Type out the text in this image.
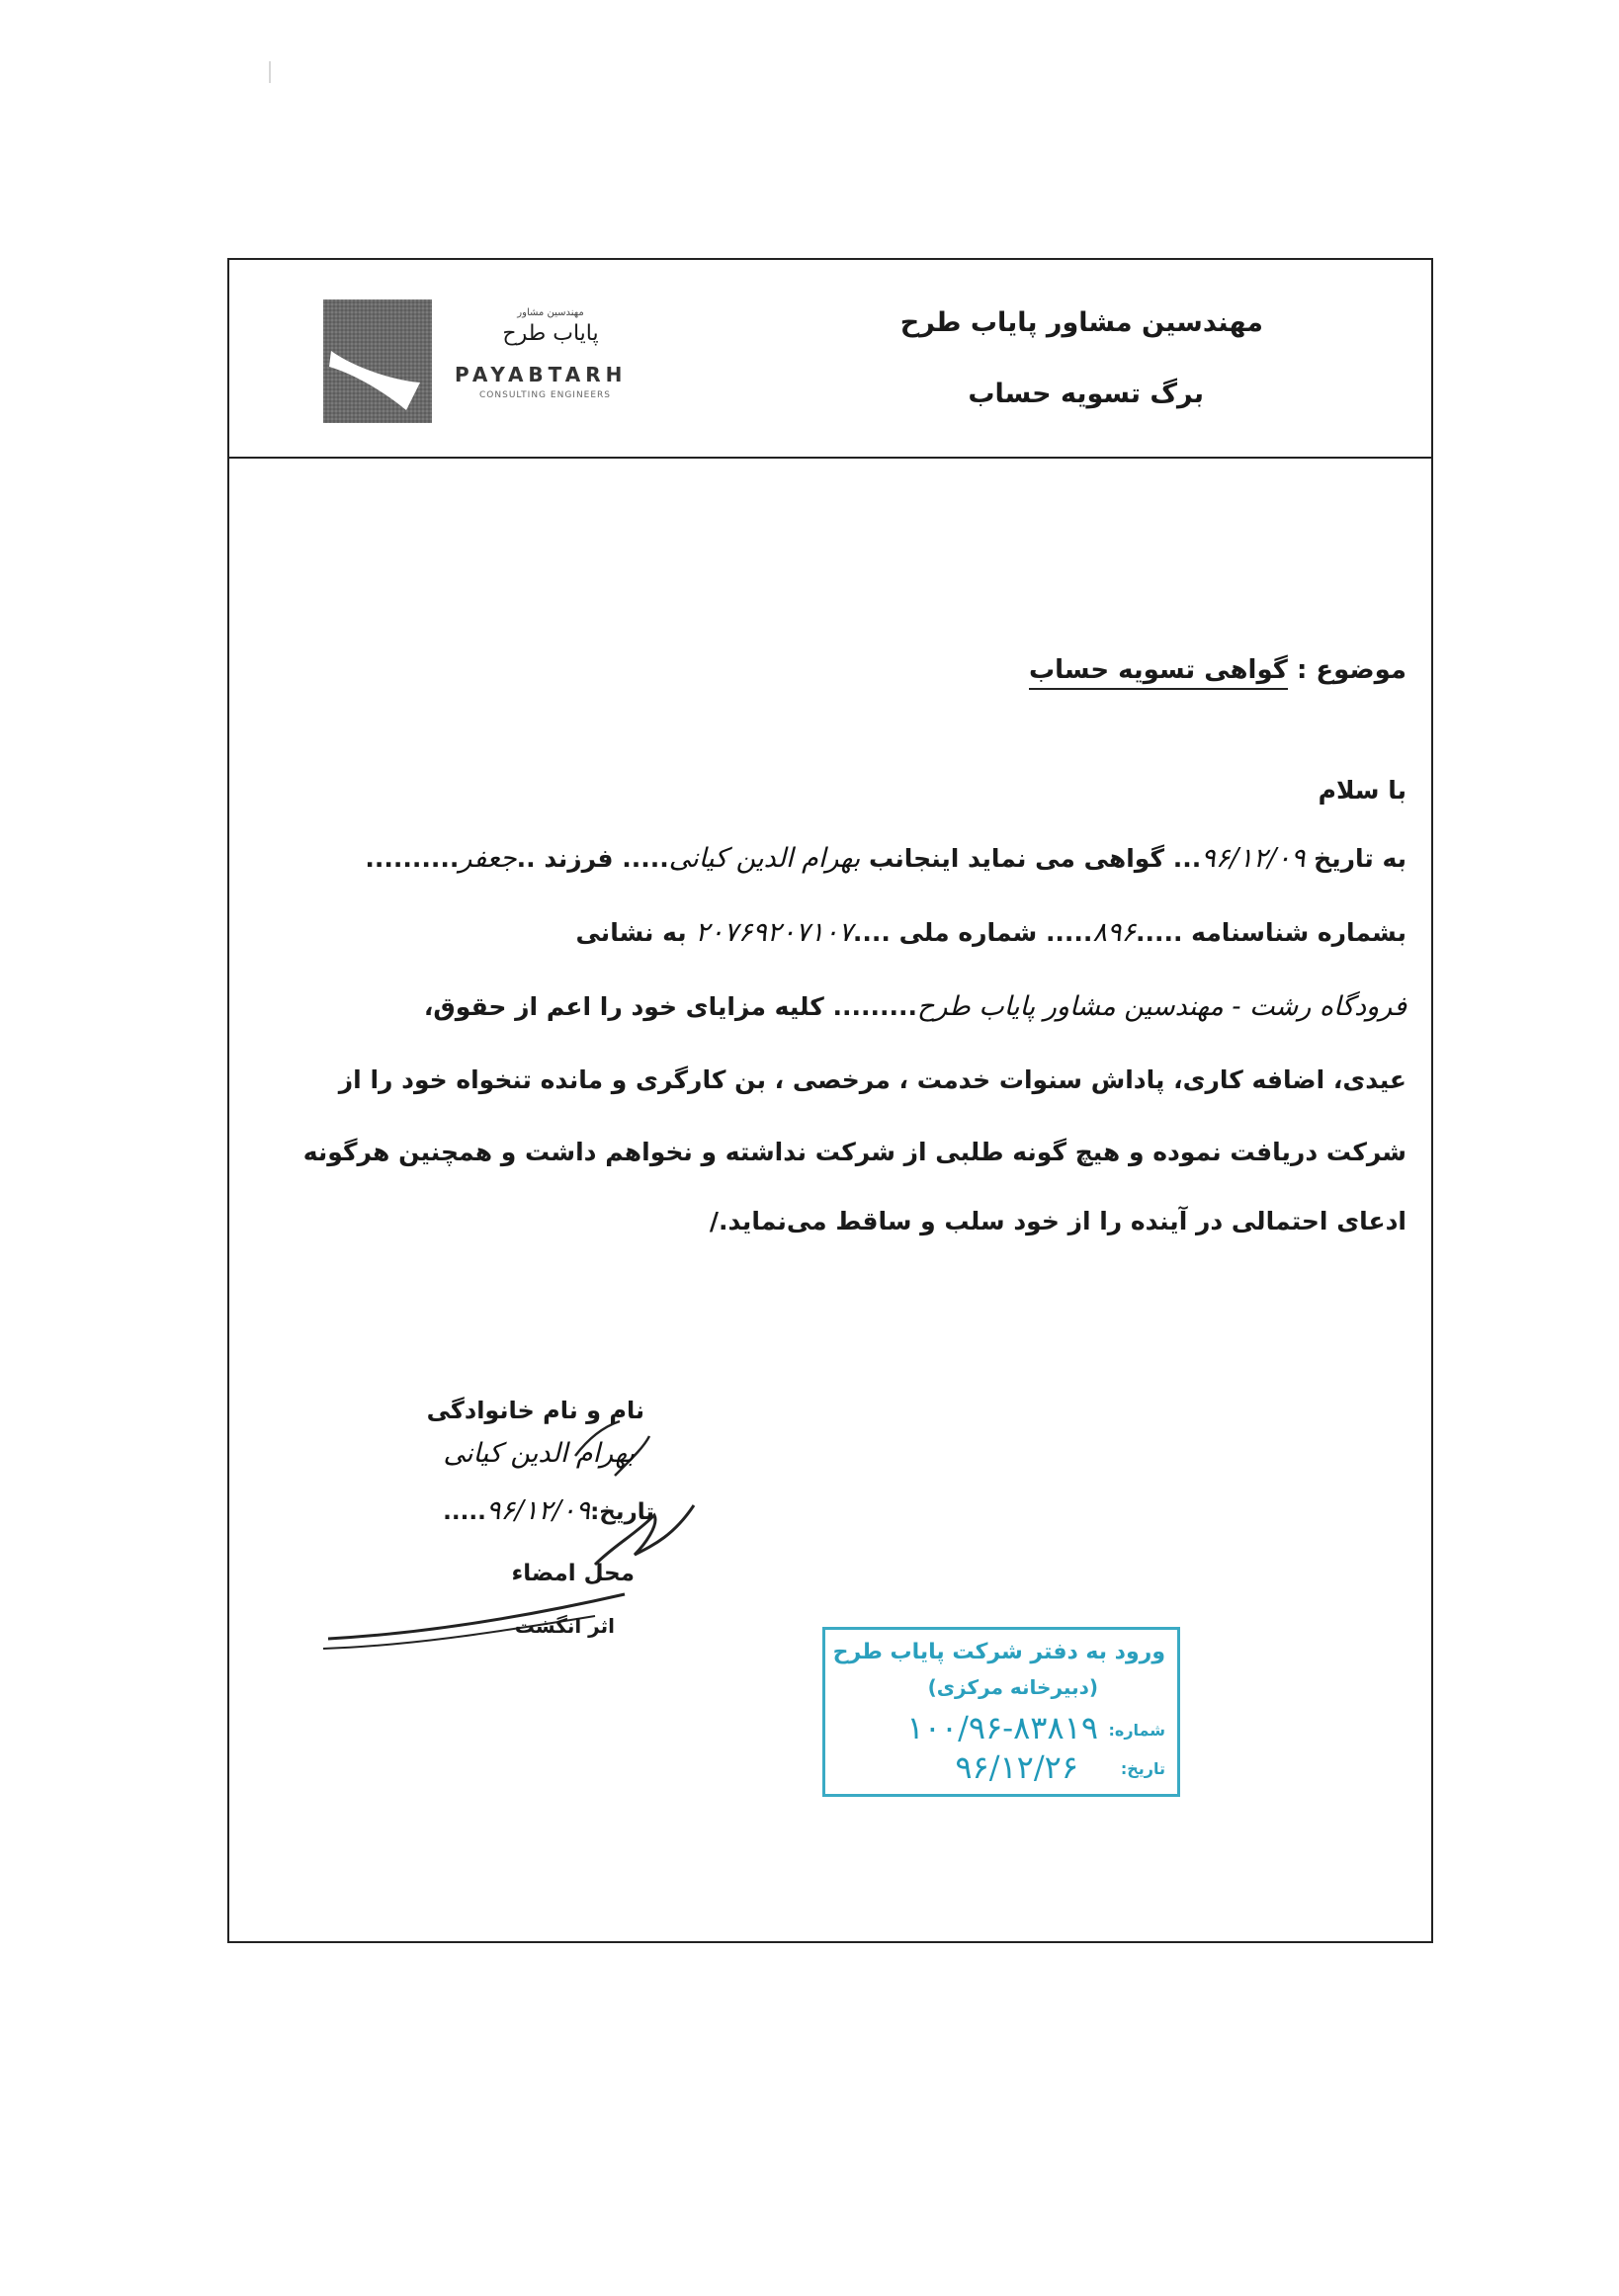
مهندسین مشاور پایاب طرح
برگ تسویه حساب
مهندسین مشاور
پایاب طرح
PAYABTARH
CONSULTING ENGINEERS
موضوع : گواهی تسویه حساب
با سلام
به تاریخ ۹۶/۱۲/۰۹... گواهی می نماید اینجانب بهرام الدین کیانی..... فرزند ..جعفر..........
بشماره شناسنامه .....۸۹۶..... شماره ملی ....۲۰۷۶۹۲۰۷۱۰۷ به نشانی
فرودگاه رشت - مهندسین مشاور پایاب طرح......... کلیه مزایای خود را اعم از حقوق،
عیدی، اضافه کاری، پاداش سنوات خدمت ، مرخصی ، بن کارگری و مانده تنخواه خود را از
شرکت دریافت نموده و هیچ گونه طلبی از شرکت نداشته و نخواهم داشت و همچنین هرگونه
ادعای احتمالی در آینده را از خود سلب و ساقط می‌نماید./
نام و نام خانوادگی
بهرام الدین کیانی
تاریخ:۹۶/۱۲/۰۹.....
محل امضاء
اثر انگشت
ورود به دفتر شرکت پایاب طرح
(دبیرخانه مرکزی)
شماره:
۱۰۰/۹۶-۸۳۸۱۹
تاریخ:
۹۶/۱۲/۲۶
